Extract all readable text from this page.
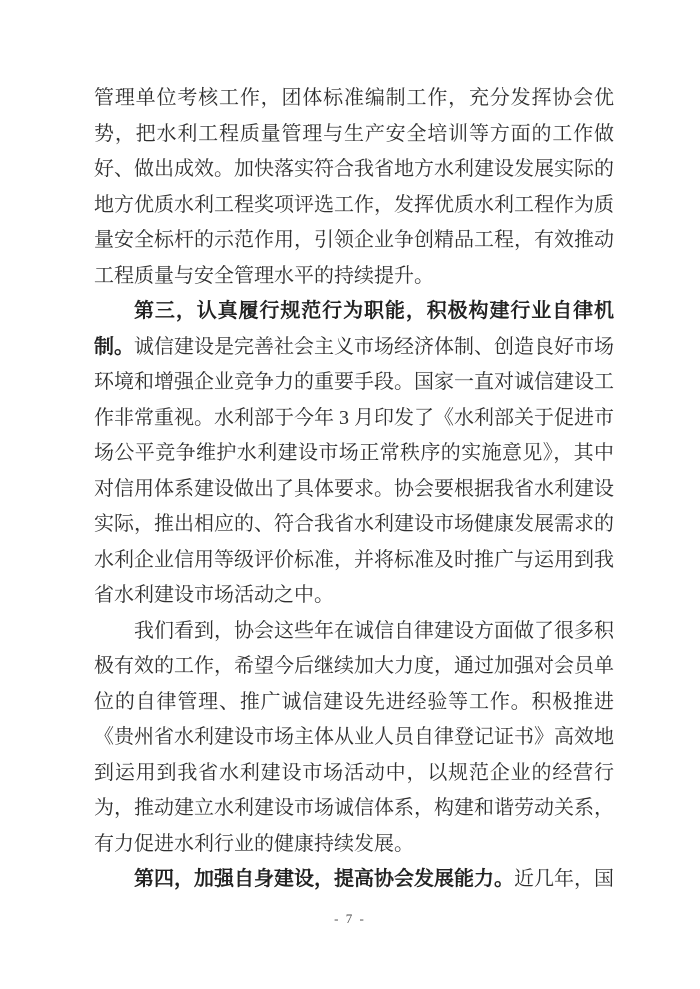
管理单位考核工作，团体标准编制工作，充分发挥协会优势，把水利工程质量管理与生产安全培训等方面的工作做好、做出成效。加快落实符合我省地方水利建设发展实际的地方优质水利工程奖项评选工作，发挥优质水利工程作为质量安全标杆的示范作用，引领企业争创精品工程，有效推动工程质量与安全管理水平的持续提升。

第三，认真履行规范行为职能，积极构建行业自律机制。诚信建设是完善社会主义市场经济体制、创造良好市场环境和增强企业竞争力的重要手段。国家一直对诚信建设工作非常重视。水利部于今年 3 月印发了《水利部关于促进市场公平竞争维护水利建设市场正常秩序的实施意见》，其中对信用体系建设做出了具体要求。协会要根据我省水利建设实际，推出相应的、符合我省水利建设市场健康发展需求的水利企业信用等级评价标准，并将标准及时推广与运用到我省水利建设市场活动之中。

我们看到，协会这些年在诚信自律建设方面做了很多积极有效的工作，希望今后继续加大力度，通过加强对会员单位的自律管理、推广诚信建设先进经验等工作。积极推进《贵州省水利建设市场主体从业人员自律登记证书》高效地到运用到我省水利建设市场活动中，以规范企业的经营行为，推动建立水利建设市场诚信体系，构建和谐劳动关系，有力促进水利行业的健康持续发展。

第四，加强自身建设，提高协会发展能力。近几年，国

- 7 -
